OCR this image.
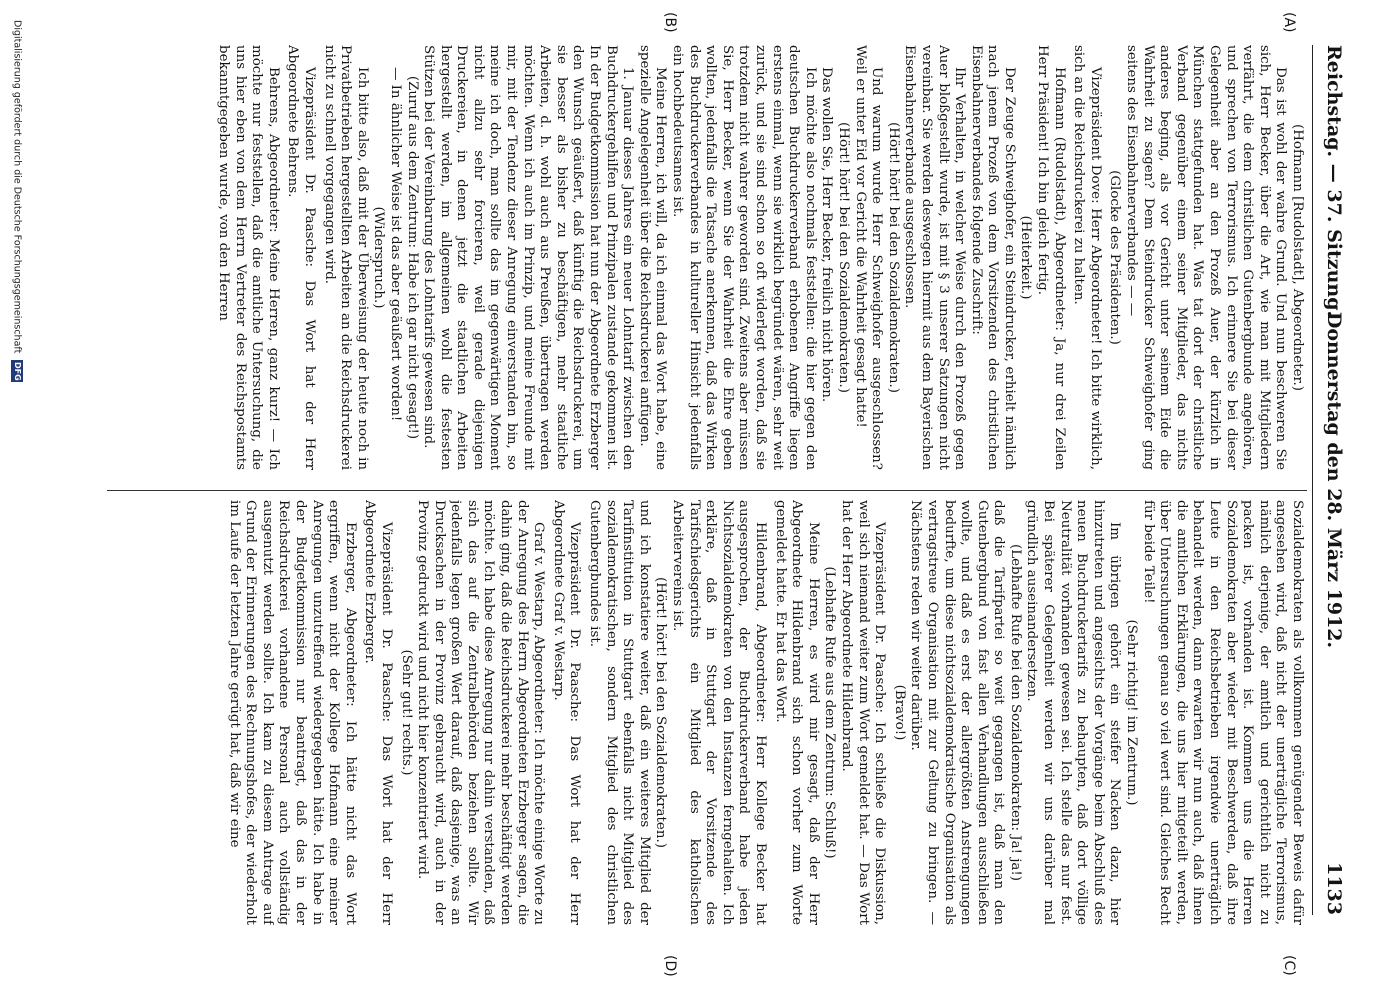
Reichstag. — 37. Sitzung.
Donnerstag den 28. März 1912.
1133
(A)
(B)
(C)
(D)

(Hofmann [Rudolstadt], Abgeordneter.)

Das ist wohl der wahre Grund. Und nun beschweren Sie sich, Herr Becker, über die Art, wie man mit Mitgliedern verfährt, die dem christlichen Gutenbergbunde angehören, und sprechen von Terrorismus. Ich erinnere Sie bei dieser Gelegenheit aber an den Prozeß Auer, der kürzlich in München stattgefunden hat. Was tat dort der christliche Verband gegenüber einem seiner Mitglieder, das nichts anderes beging, als vor Gericht unter seinem Eide die Wahrheit zu sagen? Dem Steindrucker Schweighofer ging seitens des Eisenbahnerverbandes — —

(Glocke des Präsidenten.)

Vizepräsident Dove: Herr Abgeordneter! Ich bitte wirklich, sich an die Reichsdruckerei zu halten.

Hofmann (Rudolstadt), Abgeordneter: Ja, nur drei Zeilen Herr Präsident! Ich bin gleich fertig.

(Heiterkeit.)

Der Zeuge Schweighofer, ein Steindrucker, erhielt nämlich nach jenem Prozeß von dem Vorsitzenden des christlichen Eisenbahnerverbandes folgende Zuschrift:

Ihr Verhalten, in welcher Weise durch den Prozeß gegen Auer bloßgestellt wurde, ist mit § 3 unserer Satzungen nicht vereinbar. Sie werden deswegen hiermit aus dem Bayerischen Eisenbahnerverbande ausgeschlossen.

(Hört! hört! bei den Sozialdemokraten.)

Und warum wurde Herr Schweighofer ausgeschlossen? Weil er unter Eid vor Gericht die Wahrheit gesagt hatte!

(Hört! hört! bei den Sozialdemokraten.)

Das wollen Sie, Herr Becker, freilich nicht hören.

Ich möchte also nochmals feststellen: die hier gegen den deutschen Buchdruckerverband erhobenen Angriffe liegen erstens einmal, wenn sie wirklich begründet wären, sehr weit zurück, und sie sind schon so oft widerlegt worden, daß sie trotzdem nicht wahrer geworden sind. Zweitens aber müssen Sie, Herr Becker, wenn Sie der Wahrheit die Ehre geben wollten, jedenfalls die Tatsache anerkennen, daß das Wirken des Buchdruckerverbandes in kultureller Hinsicht jedenfalls ein hochbedeutsames ist.

Meine Herren, ich will, da ich einmal das Wort habe, eine spezielle Angelegenheit über die Reichsdruckerei anfügen.

1. Januar dieses Jahres ein neuer Lohntarif zwischen den Buchdruckergehilfen und Prinzipalen zustande gekommen ist. In der Budgetkommission hat nun der Abgeordnete Erzberger den Wunsch geäußert, daß künftig die Reichsdruckerei, um sie besser als bisher zu beschäftigen, mehr staatliche Arbeiten, d. h. wohl auch aus Preußen, übertragen werden möchten. Wenn ich auch im Prinzip, und meine Freunde mit mir, mit der Tendenz dieser Anregung einverstanden bin, so meine ich doch, man sollte das im gegenwärtigen Moment nicht allzu sehr forcieren, weil gerade diejenigen Druckereien, in denen jetzt die staatlichen Arbeiten hergestellt werden, im allgemeinen wohl die festesten Stützen bei der Vereinbarung des Lohntarifs gewesen sind.

(Zuruf aus dem Zentrum: Habe ich gar nicht gesagt!)

— In ähnlicher Weise ist das aber geäußert worden!

(Widerspruch.)

Ich bitte also, daß mit der Überweisung der heute noch in Privatbetrieben hergestellten Arbeiten an die Reichsdruckerei nicht zu schnell vorgegangen wird.

Vizepräsident Dr. Paasche: Das Wort hat der Herr Abgeordnete Behrens.

Behrens, Abgeordneter: Meine Herren, ganz kurz! — Ich möchte nur feststellen, daß die amtliche Untersuchung, die uns hier eben von dem Herrn Vertreter des Reichspostamts bekanntgegeben wurde, von den Herren

Sozialdemokraten als vollkommen genügender Beweis dafür angesehen wird, daß nicht der unerträgliche Terrorismus, nämlich derjenige, der amtlich und gerichtlich nicht zu packen ist, vorhanden ist. Kommen uns die Herren Sozialdemokraten aber wieder mit Beschwerden, daß ihre Leute in den Reichsbetrieben irgendwie unerträglich behandelt werden, dann erwarten wir nun auch, daß ihnen die amtlichen Erklärungen, die uns hier mitgeteilt werden, über Untersuchungen genau so viel wert sind. Gleiches Recht für beide Teile!

(Sehr richtig! im Zentrum.)

Im übrigen gehört ein steifer Nacken dazu, hier hinzutreten und angesichts der Vorgänge beim Abschluß des neuen Buchdruckertarifs zu behaupten, daß dort völlige Neutralität vorhanden gewesen sei. Ich stelle das nur fest. Bei späterer Gelegenheit werden wir uns darüber mal gründlich auseinandersetzen.

(Lebhafte Rufe bei den Sozialdemokraten: Ja! ja!)

daß die Tarifpartei so weit gegangen ist, daß man den Gutenbergbund von fast allen Verhandlungen ausschließen wollte, und daß es erst der allergrößten Anstrengungen bedurfte, um diese nichtsozialdemokratische Organisation als vertragstreue Organisation mit zur Geltung zu bringen. — Nächstens reden wir weiter darüber.

(Bravo!)

Vizepräsident Dr. Paasche: Ich schließe die Diskussion, weil sich niemand weiter zum Wort gemeldet hat. — Das Wort hat der Herr Abgeordnete Hildenbrand.

(Lebhafte Rufe aus dem Zentrum: Schluß!)

Meine Herren, es wird mir gesagt, daß der Herr Abgeordnete Hildenbrand sich schon vorher zum Worte gemeldet hatte. Er hat das Wort.

Hildenbrand, Abgeordneter: Herr Kollege Becker hat ausgesprochen, der Buchdruckerverband habe jeden Nichtsozialdemokraten von den Instanzen ferngehalten. Ich erkläre, daß in Stuttgart der Vorsitzende des Tarifschiedsgerichts ein Mitglied des katholischen Arbeitervereins ist.

(Hört! hört! bei den Sozialdemokraten.)

und ich konstatiere weiter, daß ein weiteres Mitglied der Tarifinstitution in Stuttgart ebenfalls nicht Mitglied des sozialdemokratischen, sondern Mitglied des christlichen Gutenbergbundes ist.

Vizepräsident Dr. Paasche: Das Wort hat der Herr Abgeordnete Graf v. Westarp.

Graf v. Westarp, Abgeordneter: Ich möchte einige Worte zu der Anregung des Herrn Abgeordneten Erzberger sagen, die dahin ging, daß die Reichsdruckerei mehr beschäftigt werden möchte. Ich habe diese Anregung nur dahin verstanden, daß sich das auf die Zentralbehörden beziehen sollte. Wir jedenfalls legen großen Wert darauf, daß dasjenige, was an Drucksachen in der Provinz gebraucht wird, auch in der Provinz gedruckt wird und nicht hier konzentriert wird.

(Sehr gut! rechts.)

Vizepräsident Dr. Paasche: Das Wort hat der Herr Abgeordnete Erzberger.

Erzberger, Abgeordneter: Ich hätte nicht das Wort ergriffen, wenn nicht der Kollege Hofmann eine meiner Anregungen unzutreffend wiedergegeben hätte. Ich habe in der Budgetkommission nur beantragt, daß das in der Reichsdruckerei vorhandene Personal auch vollständig ausgenutzt werden sollte. Ich kam zu diesem Antrage auf Grund der Erinnerungen des Rechnungshofes, der wiederholt im Laufe der letzten Jahre gerügt hat, daß wir eine

Digitalisierung gefördert durch die Deutsche Forschungsgemeinschaft DFG
